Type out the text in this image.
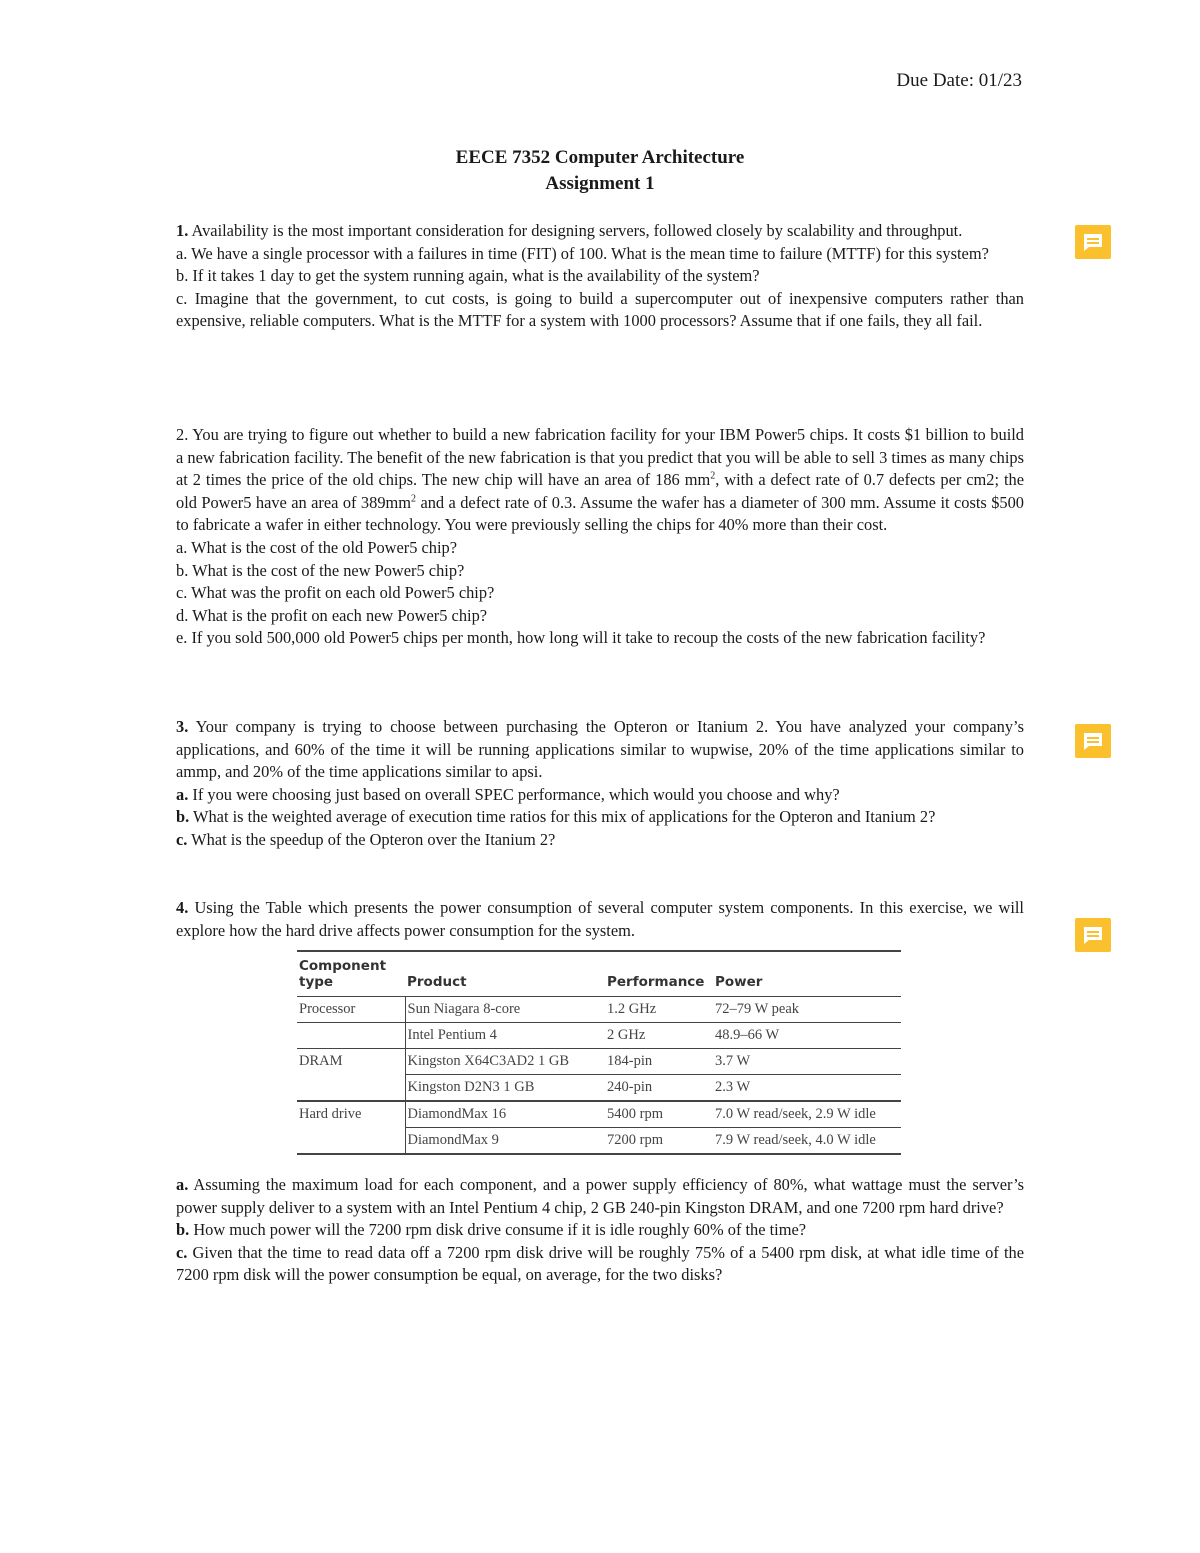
Due Date: 01/23
EECE 7352 Computer Architecture
Assignment 1

1. Availability is the most important consideration for designing servers, followed closely by scalability and throughput.

a. We have a single processor with a failures in time (FIT) of 100. What is the mean time to failure (MTTF) for this system?

b. If it takes 1 day to get the system running again, what is the availability of the system?

c. Imagine that the government, to cut costs, is going to build a supercomputer out of inexpensive computers rather than expensive, reliable computers. What is the MTTF for a system with 1000 processors? Assume that if one fails, they all fail.

2. You are trying to figure out whether to build a new fabrication facility for your IBM Power5 chips. It costs $1 billion to build a new fabrication facility. The benefit of the new fabrication is that you predict that you will be able to sell 3 times as many chips at 2 times the price of the old chips. The new chip will have an area of 186 $mm^2$, with a defect rate of 0.7 defects per cm2; the old Power5 have an area of $389mm^2$ and a defect rate of 0.3. Assume the wafer has a diameter of 300 mm. Assume it costs $500 to fabricate a wafer in either technology. You were previously selling the chips for 40% more than their cost.

a. What is the cost of the old Power5 chip?

b. What is the cost of the new Power5 chip?

c. What was the profit on each old Power5 chip?

d. What is the profit on each new Power5 chip?

e. If you sold 500,000 old Power5 chips per month, how long will it take to recoup the costs of the new fabrication facility?

3. Your company is trying to choose between purchasing the Opteron or Itanium 2. You have analyzed your company’s applications, and 60% of the time it will be running applications similar to wupwise, 20% of the time applications similar to ammp, and 20% of the time applications similar to apsi.

a. If you were choosing just based on overall SPEC performance, which would you choose and why?

b. What is the weighted average of execution time ratios for this mix of applications for the Opteron and Itanium 2?

c. What is the speedup of the Opteron over the Itanium 2?

4. Using the Table which presents the power consumption of several computer system components. In this exercise, we will explore how the hard drive affects power consumption for the system.

Component type	Product	Performance	Power
Processor	Sun Niagara 8-core	1.2 GHz	72–79 W peak
	Intel Pentium 4	2 GHz	48.9–66 W
DRAM	Kingston X64C3AD2 1 GB	184-pin	3.7 W
	Kingston D2N3 1 GB	240-pin	2.3 W
Hard drive	DiamondMax 16	5400 rpm	7.0 W read/seek, 2.9 W idle
	DiamondMax 9	7200 rpm	7.9 W read/seek, 4.0 W idle

a. Assuming the maximum load for each component, and a power supply efficiency of 80%, what wattage must the server’s power supply deliver to a system with an Intel Pentium 4 chip, 2 GB 240-pin Kingston DRAM, and one 7200 rpm hard drive?

b. How much power will the 7200 rpm disk drive consume if it is idle roughly 60% of the time?

c. Given that the time to read data off a 7200 rpm disk drive will be roughly 75% of a 5400 rpm disk, at what idle time of the 7200 rpm disk will the power consumption be equal, on average, for the two disks?
